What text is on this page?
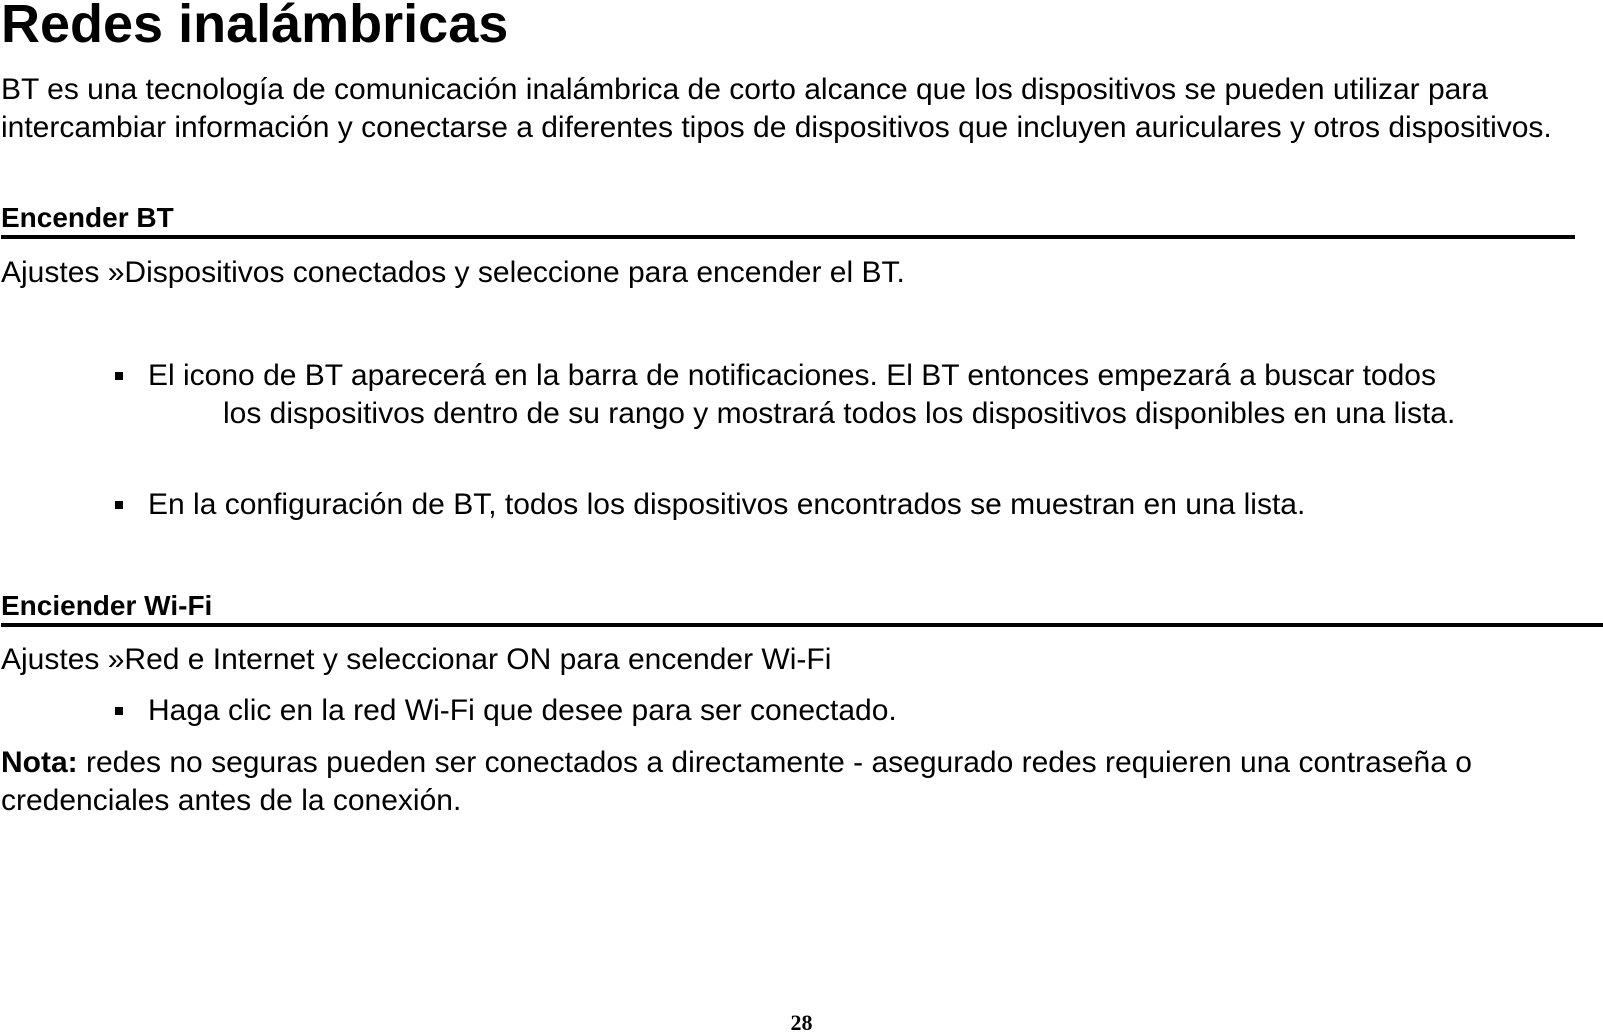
Redes inalámbricas

BT es una tecnología de comunicación inalámbrica de corto alcance que los dispositivos se pueden utilizar para intercambiar información y conectarse a diferentes tipos de dispositivos que incluyen auriculares y otros dispositivos.

Encender BT

Ajustes »Dispositivos conectados y seleccione para encender el BT.

El icono de BT aparecerá en la barra de notificaciones. El BT entonces empezará a buscar todos
los dispositivos dentro de su rango y mostrará todos los dispositivos disponibles en una lista.

En la configuración de BT, todos los dispositivos encontrados se muestran en una lista.

Enciender Wi-Fi

Ajustes »Red e Internet y seleccionar ON para encender Wi-Fi

Haga clic en la red Wi-Fi que desee para ser conectado.

Nota: redes no seguras pueden ser conectados a directamente - asegurado redes requieren una contraseña o credenciales antes de la conexión.

28
